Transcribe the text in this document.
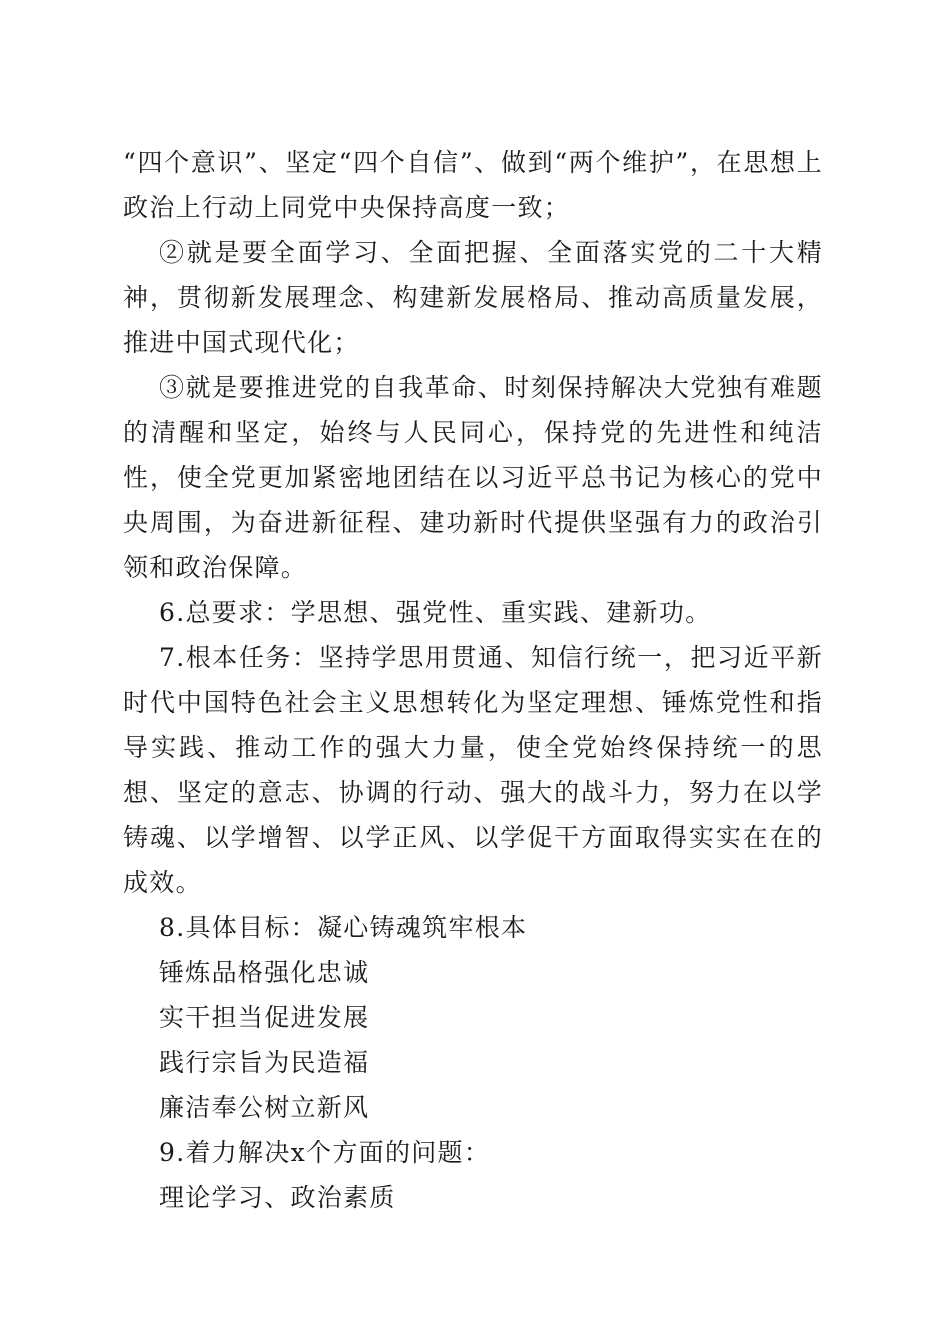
“四个意识”、坚定“四个自信”、做到“两个维护”，在思想上政治上行动上同党中央保持高度一致；

②就是要全面学习、全面把握、全面落实党的二十大精神，贯彻新发展理念、构建新发展格局、推动高质量发展，推进中国式现代化；

③就是要推进党的自我革命、时刻保持解决大党独有难题的清醒和坚定，始终与人民同心，保持党的先进性和纯洁性，使全党更加紧密地团结在以习近平总书记为核心的党中央周围，为奋进新征程、建功新时代提供坚强有力的政治引领和政治保障。

6.总要求：学思想、强党性、重实践、建新功。

7.根本任务：坚持学思用贯通、知信行统一，把习近平新时代中国特色社会主义思想转化为坚定理想、锤炼党性和指导实践、推动工作的强大力量，使全党始终保持统一的思想、坚定的意志、协调的行动、强大的战斗力，努力在以学铸魂、以学增智、以学正风、以学促干方面取得实实在在的成效。

8.具体目标：凝心铸魂筑牢根本

锤炼品格强化忠诚

实干担当促进发展

践行宗旨为民造福

廉洁奉公树立新风

9.着力解决x个方面的问题：

理论学习、政治素质
